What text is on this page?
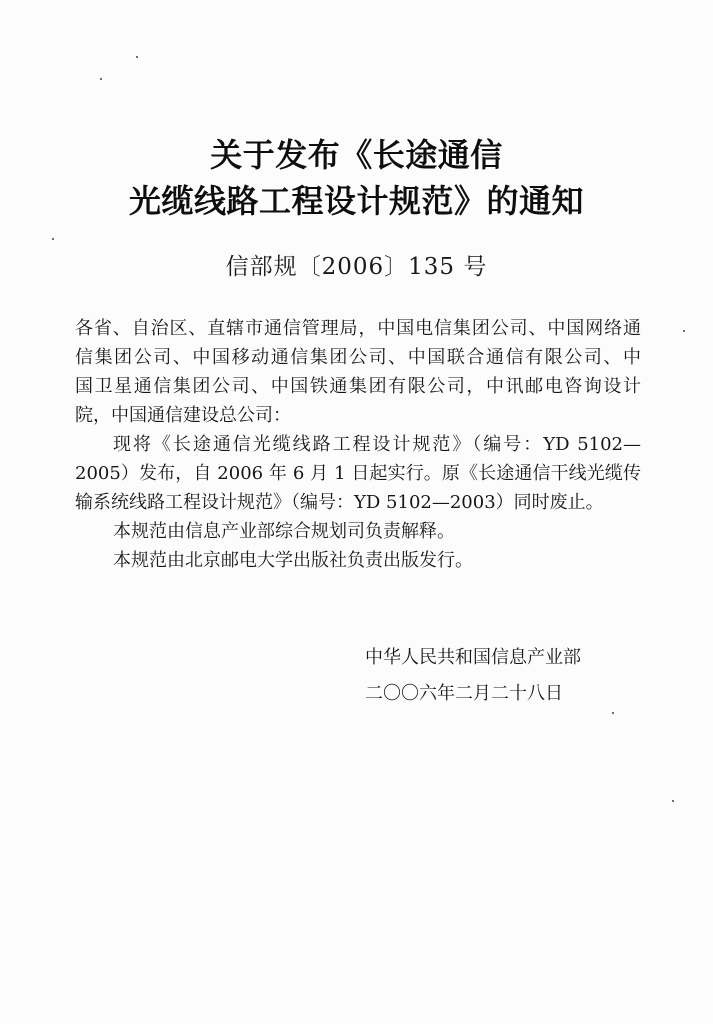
关于发布《长途通信
光缆线路工程设计规范》的通知
信部规〔2006〕135 号
各省、自治区、直辖市通信管理局，中国电信集团公司、中国网络通
信集团公司、中国移动通信集团公司、中国联合通信有限公司、中
国卫星通信集团公司、中国铁通集团有限公司，中讯邮电咨询设计
院，中国通信建设总公司：
现将《长途通信光缆线路工程设计规范》（编号：YD 5102—
2005）发布，自 2006 年 6 月 1 日起实行。原《长途通信干线光缆传
输系统线路工程设计规范》（编号：YD 5102—2003）同时废止。
本规范由信息产业部综合规划司负责解释。
本规范由北京邮电大学出版社负责出版发行。
中华人民共和国信息产业部
二〇〇六年二月二十八日
